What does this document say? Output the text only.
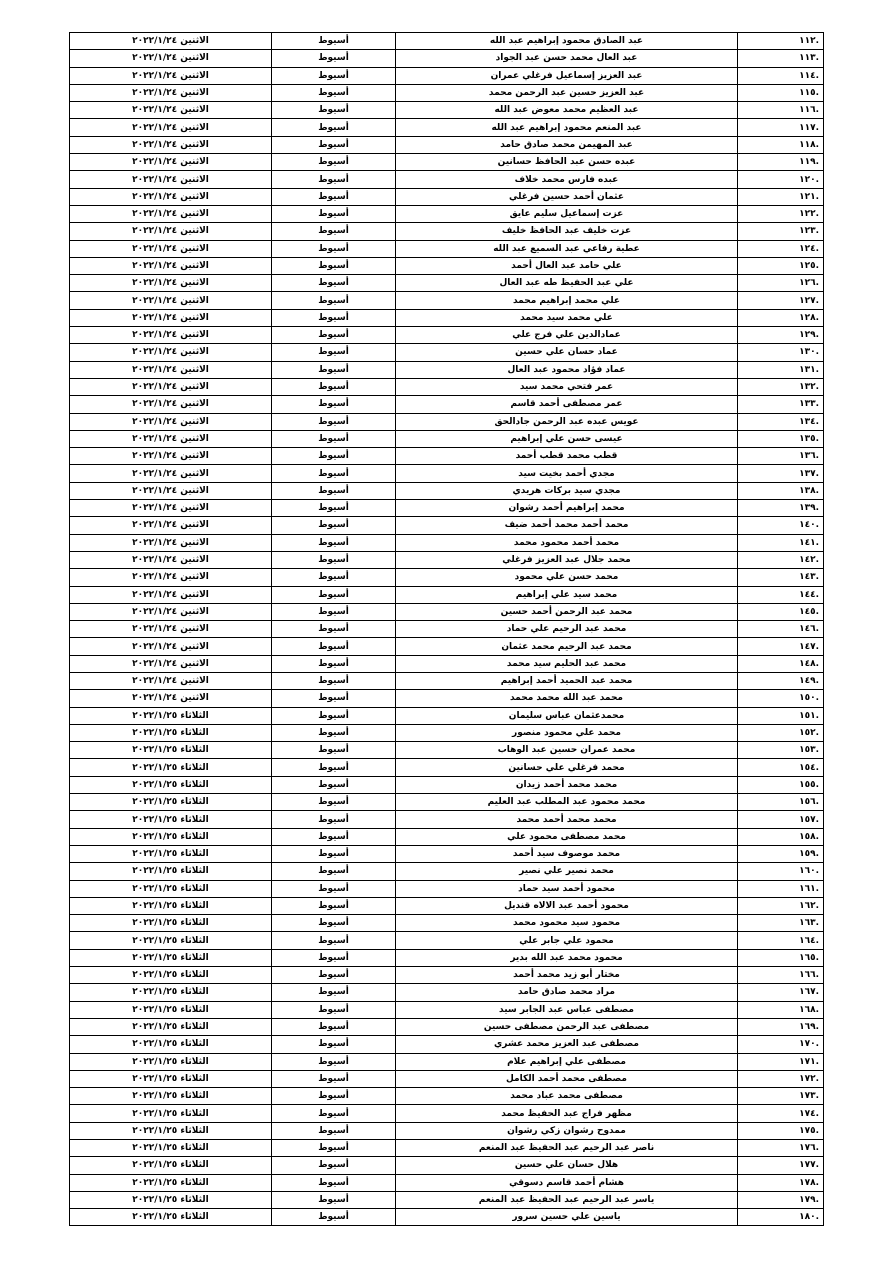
.١١٢	عبد الصادق محمود إبراهيم عبد الله	أسيوط	الاثنين ٢٠٢٢/١/٢٤
.١١٣	عبد العال محمد حسن عبد الجواد	أسيوط	الاثنين ٢٠٢٢/١/٢٤
.١١٤	عبد العزيز إسماعيل فرغلي عمران	أسيوط	الاثنين ٢٠٢٢/١/٢٤
.١١٥	عبد العزيز حسين عبد الرحمن محمد	أسيوط	الاثنين ٢٠٢٢/١/٢٤
.١١٦	عبد العظيم محمد معوض عبد الله	أسيوط	الاثنين ٢٠٢٢/١/٢٤
.١١٧	عبد المنعم محمود إبراهيم عبد الله	أسيوط	الاثنين ٢٠٢٢/١/٢٤
.١١٨	عبد المهيمن محمد صادق حامد	أسيوط	الاثنين ٢٠٢٢/١/٢٤
.١١٩	عبده حسن عبد الحافظ حسانين	أسيوط	الاثنين ٢٠٢٢/١/٢٤
.١٢٠	عبده فارس محمد خلاف	أسيوط	الاثنين ٢٠٢٢/١/٢٤
.١٢١	عثمان أحمد حسين فرغلي	أسيوط	الاثنين ٢٠٢٢/١/٢٤
.١٢٢	عزت إسماعيل سليم عايق	أسيوط	الاثنين ٢٠٢٢/١/٢٤
.١٢٣	عزت خليف عبد الحافظ خليف	أسيوط	الاثنين ٢٠٢٢/١/٢٤
.١٢٤	عطية رفاعي عبد السميع عبد الله	أسيوط	الاثنين ٢٠٢٢/١/٢٤
.١٢٥	علي حامد عبد العال أحمد	أسيوط	الاثنين ٢٠٢٢/١/٢٤
.١٢٦	علي عبد الحفيظ طه عبد العال	أسيوط	الاثنين ٢٠٢٢/١/٢٤
.١٢٧	علي محمد إبراهيم محمد	أسيوط	الاثنين ٢٠٢٢/١/٢٤
.١٢٨	علي محمد سيد محمد	أسيوط	الاثنين ٢٠٢٢/١/٢٤
.١٢٩	عمادالدين علي فرج علي	أسيوط	الاثنين ٢٠٢٢/١/٢٤
.١٣٠	عماد حسان علي حسين	أسيوط	الاثنين ٢٠٢٢/١/٢٤
.١٣١	عماد فؤاد محمود عبد العال	أسيوط	الاثنين ٢٠٢٢/١/٢٤
.١٣٢	عمر فتحي محمد سيد	أسيوط	الاثنين ٢٠٢٢/١/٢٤
.١٣٣	عمر مصطفى أحمد قاسم	أسيوط	الاثنين ٢٠٢٢/١/٢٤
.١٣٤	عويس عبده عبد الرحمن جادالحق	أسيوط	الاثنين ٢٠٢٢/١/٢٤
.١٣٥	عيسى حسن علي إبراهيم	أسيوط	الاثنين ٢٠٢٢/١/٢٤
.١٣٦	قطب محمد قطب أحمد	أسيوط	الاثنين ٢٠٢٢/١/٢٤
.١٣٧	مجدي أحمد بخيت سيد	أسيوط	الاثنين ٢٠٢٢/١/٢٤
.١٣٨	مجدي سيد بركات هريدي	أسيوط	الاثنين ٢٠٢٢/١/٢٤
.١٣٩	محمد إبراهيم أحمد رشوان	أسيوط	الاثنين ٢٠٢٢/١/٢٤
.١٤٠	محمد أحمد محمد أحمد ضيف	أسيوط	الاثنين ٢٠٢٢/١/٢٤
.١٤١	محمد أحمد محمود محمد	أسيوط	الاثنين ٢٠٢٢/١/٢٤
.١٤٢	محمد جلال عبد العزيز فرغلي	أسيوط	الاثنين ٢٠٢٢/١/٢٤
.١٤٣	محمد حسن علي محمود	أسيوط	الاثنين ٢٠٢٢/١/٢٤
.١٤٤	محمد سيد علي إبراهيم	أسيوط	الاثنين ٢٠٢٢/١/٢٤
.١٤٥	محمد عبد الرحمن أحمد حسين	أسيوط	الاثنين ٢٠٢٢/١/٢٤
.١٤٦	محمد عبد الرحيم علي حماد	أسيوط	الاثنين ٢٠٢٢/١/٢٤
.١٤٧	محمد عبد الرحيم محمد عثمان	أسيوط	الاثنين ٢٠٢٢/١/٢٤
.١٤٨	محمد عبد الحليم سيد محمد	أسيوط	الاثنين ٢٠٢٢/١/٢٤
.١٤٩	محمد عبد الحميد أحمد إبراهيم	أسيوط	الاثنين ٢٠٢٢/١/٢٤
.١٥٠	محمد عبد الله محمد محمد	أسيوط	الاثنين ٢٠٢٢/١/٢٤
.١٥١	محمدعثمان عباس سليمان	أسيوط	الثلاثاء ٢٠٢٢/١/٢٥
.١٥٢	محمد علي محمود منصور	أسيوط	الثلاثاء ٢٠٢٢/١/٢٥
.١٥٣	محمد عمران حسين عبد الوهاب	أسيوط	الثلاثاء ٢٠٢٢/١/٢٥
.١٥٤	محمد فرغلي علي حسانين	أسيوط	الثلاثاء ٢٠٢٢/١/٢٥
.١٥٥	محمد محمد أحمد زيدان	أسيوط	الثلاثاء ٢٠٢٢/١/٢٥
.١٥٦	محمد محمود عبد المطلب عبد العليم	أسيوط	الثلاثاء ٢٠٢٢/١/٢٥
.١٥٧	محمد محمد أحمد محمد	أسيوط	الثلاثاء ٢٠٢٢/١/٢٥
.١٥٨	محمد مصطفى محمود علي	أسيوط	الثلاثاء ٢٠٢٢/١/٢٥
.١٥٩	محمد موصوف سيد أحمد	أسيوط	الثلاثاء ٢٠٢٢/١/٢٥
.١٦٠	محمد نصير علي نصير	أسيوط	الثلاثاء ٢٠٢٢/١/٢٥
.١٦١	محمود أحمد سيد حماد	أسيوط	الثلاثاء ٢٠٢٢/١/٢٥
.١٦٢	محمود أحمد عبد الالاه قنديل	أسيوط	الثلاثاء ٢٠٢٢/١/٢٥
.١٦٣	محمود سيد محمود محمد	أسيوط	الثلاثاء ٢٠٢٢/١/٢٥
.١٦٤	محمود علي جابر علي	أسيوط	الثلاثاء ٢٠٢٢/١/٢٥
.١٦٥	محمود محمد عبد الله بدير	أسيوط	الثلاثاء ٢٠٢٢/١/٢٥
.١٦٦	مختار أبو زيد محمد أحمد	أسيوط	الثلاثاء ٢٠٢٢/١/٢٥
.١٦٧	مراد محمد صادق حامد	أسيوط	الثلاثاء ٢٠٢٢/١/٢٥
.١٦٨	مصطفى عباس عبد الجابر سيد	أسيوط	الثلاثاء ٢٠٢٢/١/٢٥
.١٦٩	مصطفى عبد الرحمن مصطفى حسين	أسيوط	الثلاثاء ٢٠٢٢/١/٢٥
.١٧٠	مصطفى عبد العزيز محمد عشري	أسيوط	الثلاثاء ٢٠٢٢/١/٢٥
.١٧١	مصطفى علي إبراهيم علام	أسيوط	الثلاثاء ٢٠٢٢/١/٢٥
.١٧٢	مصطفى محمد أحمد الكامل	أسيوط	الثلاثاء ٢٠٢٢/١/٢٥
.١٧٣	مصطفى محمد عباد محمد	أسيوط	الثلاثاء ٢٠٢٢/١/٢٥
.١٧٤	مظهر فراج عبد الحفيظ محمد	أسيوط	الثلاثاء ٢٠٢٢/١/٢٥
.١٧٥	ممدوح رشوان زكي رشوان	أسيوط	الثلاثاء ٢٠٢٢/١/٢٥
.١٧٦	ناصر عبد الرحيم عبد الحفيظ عبد المنعم	أسيوط	الثلاثاء ٢٠٢٢/١/٢٥
.١٧٧	هلال حسان علي حسين	أسيوط	الثلاثاء ٢٠٢٢/١/٢٥
.١٧٨	هشام أحمد قاسم دسوقي	أسيوط	الثلاثاء ٢٠٢٢/١/٢٥
.١٧٩	ياسر عبد الرحيم عبد الحفيظ عبد المنعم	أسيوط	الثلاثاء ٢٠٢٢/١/٢٥
.١٨٠	ياسين علي حسين سرور	أسيوط	الثلاثاء ٢٠٢٢/١/٢٥
